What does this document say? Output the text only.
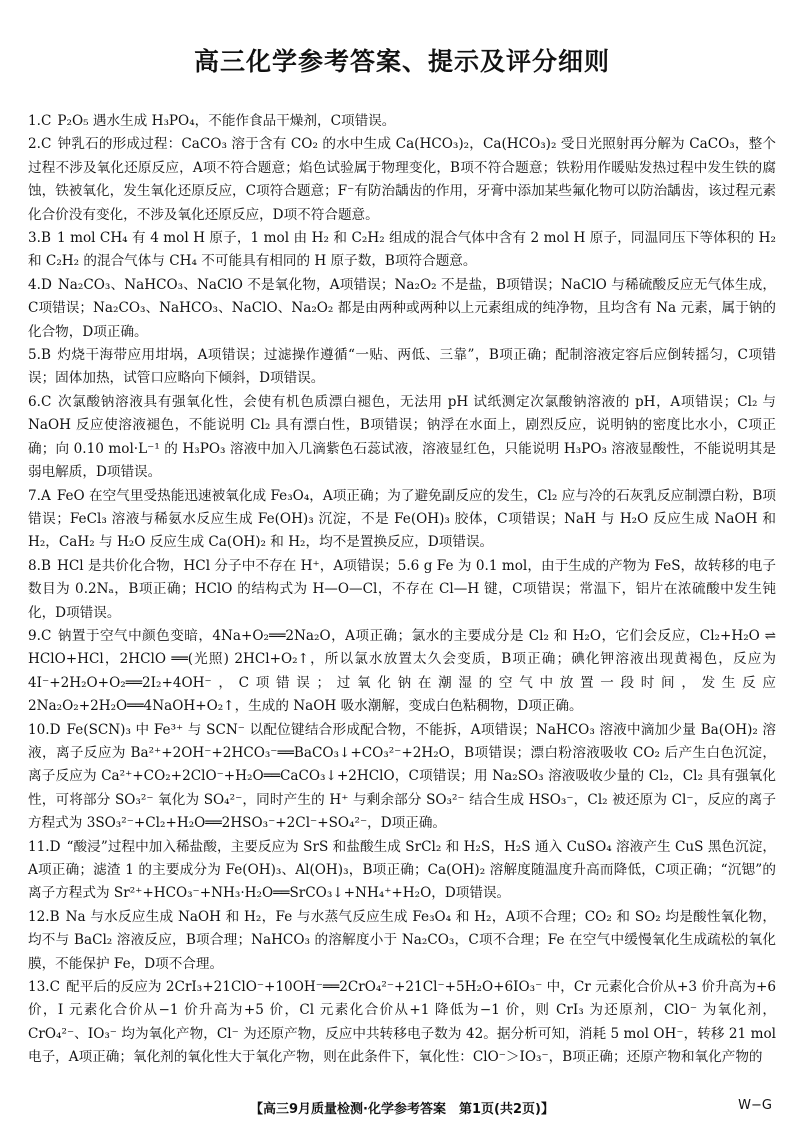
高三化学参考答案、提示及评分细则
1.C P₂O₅ 遇水生成 H₃PO₄，不能作食品干燥剂，C项错误。
2.C 钟乳石的形成过程：CaCO₃ 溶于含有 CO₂ 的水中生成 Ca(HCO₃)₂，Ca(HCO₃)₂ 受日光照射再分解为 CaCO₃，整个过程不涉及氧化还原反应，A项不符合题意；焰色试验属于物理变化，B项不符合题意；铁粉用作暖贴发热过程中发生铁的腐蚀，铁被氧化，发生氧化还原反应，C项符合题意；F⁻有防治龋齿的作用，牙膏中添加某些氟化物可以防治龋齿，该过程元素化合价没有变化，不涉及氧化还原反应，D项不符合题意。
3.B 1 mol CH₄ 有 4 mol H 原子，1 mol 由 H₂ 和 C₂H₂ 组成的混合气体中含有 2 mol H 原子，同温同压下等体积的 H₂ 和 C₂H₂ 的混合气体与 CH₄ 不可能具有相同的 H 原子数，B项符合题意。
4.D Na₂CO₃、NaHCO₃、NaClO 不是氧化物，A项错误；Na₂O₂ 不是盐，B项错误；NaClO 与稀硫酸反应无气体生成，C项错误；Na₂CO₃、NaHCO₃、NaClO、Na₂O₂ 都是由两种或两种以上元素组成的纯净物，且均含有 Na 元素，属于钠的化合物，D项正确。
5.B 灼烧干海带应用坩埚，A项错误；过滤操作遵循“一贴、两低、三靠”，B项正确；配制溶液定容后应倒转摇匀，C项错误；固体加热，试管口应略向下倾斜，D项错误。
6.C 次氯酸钠溶液具有强氧化性，会使有机色质漂白褪色，无法用 pH 试纸测定次氯酸钠溶液的 pH，A项错误；Cl₂ 与 NaOH 反应使溶液褪色，不能说明 Cl₂ 具有漂白性，B项错误；钠浮在水面上，剧烈反应，说明钠的密度比水小，C项正确；向 0.10 mol·L⁻¹ 的 H₃PO₃ 溶液中加入几滴紫色石蕊试液，溶液显红色，只能说明 H₃PO₃ 溶液显酸性，不能说明其是弱电解质，D项错误。
7.A FeO 在空气里受热能迅速被氧化成 Fe₃O₄，A项正确；为了避免副反应的发生，Cl₂ 应与冷的石灰乳反应制漂白粉，B项错误；FeCl₃ 溶液与稀氨水反应生成 Fe(OH)₃ 沉淀，不是 Fe(OH)₃ 胶体，C项错误；NaH 与 H₂O 反应生成 NaOH 和 H₂，CaH₂ 与 H₂O 反应生成 Ca(OH)₂ 和 H₂，均不是置换反应，D项错误。
8.B HCl 是共价化合物，HCl 分子中不存在 H⁺，A项错误；5.6 g Fe 为 0.1 mol，由于生成的产物为 FeS，故转移的电子数目为 0.2Nₐ，B项正确；HClO 的结构式为 H—O—Cl，不存在 Cl—H 键，C项错误；常温下，铝片在浓硫酸中发生钝化，D项错误。
9.C 钠置于空气中颜色变暗，4Na+O₂══2Na₂O，A项正确；氯水的主要成分是 Cl₂ 和 H₂O，它们会反应，Cl₂+H₂O ⇌ HClO+HCl，2HClO ══(光照) 2HCl+O₂↑，所以氯水放置太久会变质，B项正确；碘化钾溶液出现黄褐色，反应为 4I⁻+2H₂O+O₂══2I₂+4OH⁻，C项错误；过氧化钠在潮湿的空气中放置一段时间，发生反应 2Na₂O₂+2H₂O══4NaOH+O₂↑，生成的 NaOH 吸水潮解，变成白色粘稠物，D项正确。
10.D Fe(SCN)₃ 中 Fe³⁺ 与 SCN⁻ 以配位键结合形成配合物，不能拆，A项错误；NaHCO₃ 溶液中滴加少量 Ba(OH)₂ 溶液，离子反应为 Ba²⁺+2OH⁻+2HCO₃⁻══BaCO₃↓+CO₃²⁻+2H₂O，B项错误；漂白粉溶液吸收 CO₂ 后产生白色沉淀，离子反应为 Ca²⁺+CO₂+2ClO⁻+H₂O══CaCO₃↓+2HClO，C项错误；用 Na₂SO₃ 溶液吸收少量的 Cl₂，Cl₂ 具有强氧化性，可将部分 SO₃²⁻ 氧化为 SO₄²⁻，同时产生的 H⁺ 与剩余部分 SO₃²⁻ 结合生成 HSO₃⁻，Cl₂ 被还原为 Cl⁻，反应的离子方程式为 3SO₃²⁻+Cl₂+H₂O══2HSO₃⁻+2Cl⁻+SO₄²⁻，D项正确。
11.D “酸浸”过程中加入稀盐酸，主要反应为 SrS 和盐酸生成 SrCl₂ 和 H₂S，H₂S 通入 CuSO₄ 溶液产生 CuS 黑色沉淀，A项正确；滤渣 1 的主要成分为 Fe(OH)₃、Al(OH)₃，B项正确；Ca(OH)₂ 溶解度随温度升高而降低，C项正确；“沉锶”的离子方程式为 Sr²⁺+HCO₃⁻+NH₃·H₂O══SrCO₃↓+NH₄⁺+H₂O，D项错误。
12.B Na 与水反应生成 NaOH 和 H₂，Fe 与水蒸气反应生成 Fe₃O₄ 和 H₂，A项不合理；CO₂ 和 SO₂ 均是酸性氧化物，均不与 BaCl₂ 溶液反应，B项合理；NaHCO₃ 的溶解度小于 Na₂CO₃，C项不合理；Fe 在空气中缓慢氧化生成疏松的氧化膜，不能保护 Fe，D项不合理。
13.C 配平后的反应为 2CrI₃+21ClO⁻+10OH⁻══2CrO₄²⁻+21Cl⁻+5H₂O+6IO₃⁻ 中，Cr 元素化合价从+3 价升高为+6 价，I 元素化合价从−1 价升高为+5 价，Cl 元素化合价从+1 降低为−1 价，则 CrI₃ 为还原剂，ClO⁻ 为氧化剂，CrO₄²⁻、IO₃⁻ 均为氧化产物，Cl⁻ 为还原产物，反应中共转移电子数为 42。据分析可知，消耗 5 mol OH⁻，转移 21 mol 电子，A项正确；氧化剂的氧化性大于氧化产物，则在此条件下，氧化性：ClO⁻＞IO₃⁻，B项正确；还原产物和氧化产物的
【高三9月质量检测·化学参考答案　第1页(共2页)】	W−G
